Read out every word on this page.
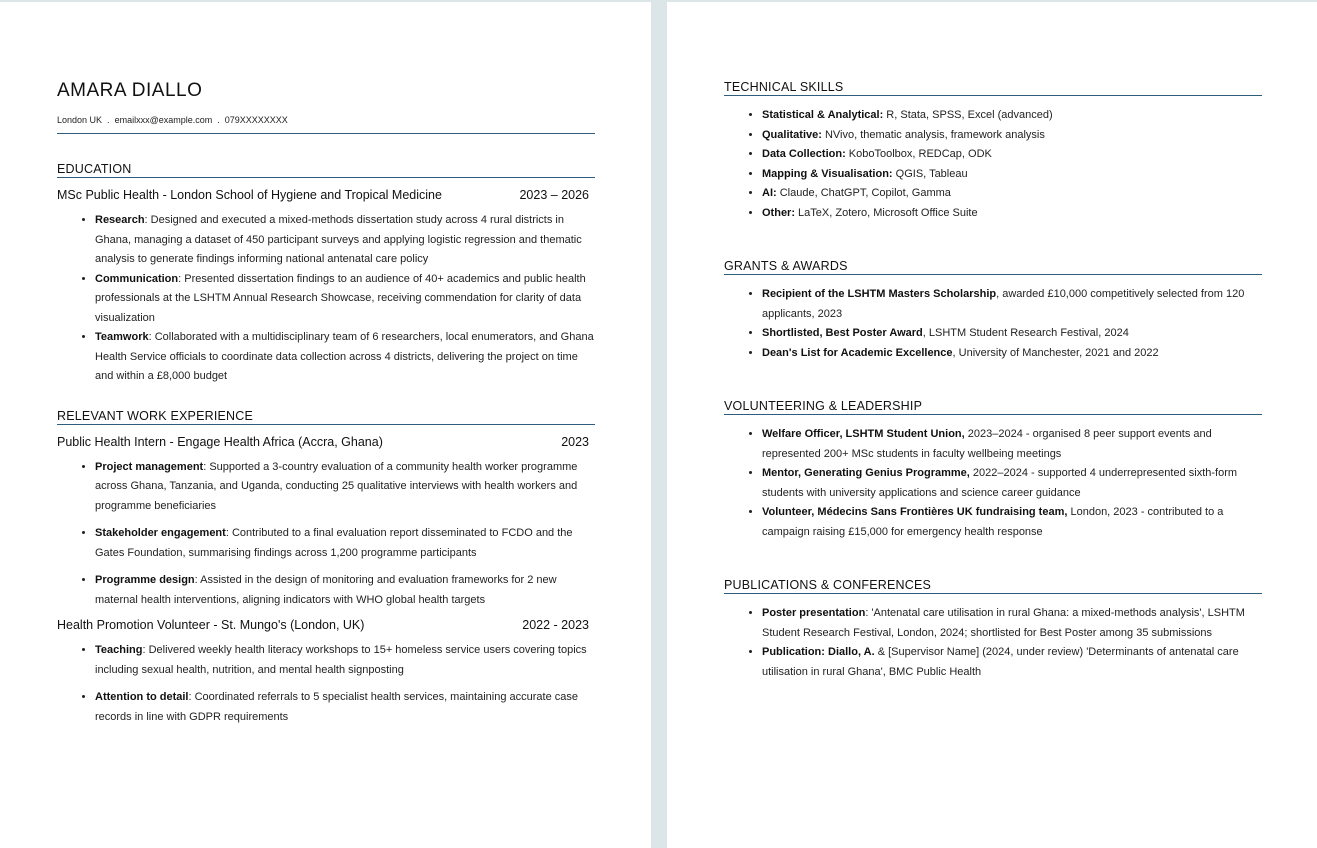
AMARA DIALLO
London UK . emailxxx@example.com . 079XXXXXXXX
EDUCATION
MSc Public Health - London School of Hygiene and Tropical Medicine	2023 – 2026
• Research: Designed and executed a mixed-methods dissertation study across 4 rural districts in Ghana, managing a dataset of 450 participant surveys and applying logistic regression and thematic analysis to generate findings informing national antenatal care policy
• Communication: Presented dissertation findings to an audience of 40+ academics and public health professionals at the LSHTM Annual Research Showcase, receiving commendation for clarity of data visualization
• Teamwork: Collaborated with a multidisciplinary team of 6 researchers, local enumerators, and Ghana Health Service officials to coordinate data collection across 4 districts, delivering the project on time and within a £8,000 budget
RELEVANT WORK EXPERIENCE
Public Health Intern - Engage Health Africa (Accra, Ghana)	2023
• Project management: Supported a 3-country evaluation of a community health worker programme across Ghana, Tanzania, and Uganda, conducting 25 qualitative interviews with health workers and programme beneficiaries
• Stakeholder engagement: Contributed to a final evaluation report disseminated to FCDO and the Gates Foundation, summarising findings across 1,200 programme participants
• Programme design: Assisted in the design of monitoring and evaluation frameworks for 2 new maternal health interventions, aligning indicators with WHO global health targets
Health Promotion Volunteer - St. Mungo's (London, UK)	2022 - 2023
• Teaching: Delivered weekly health literacy workshops to 15+ homeless service users covering topics including sexual health, nutrition, and mental health signposting
• Attention to detail: Coordinated referrals to 5 specialist health services, maintaining accurate case records in line with GDPR requirements
TECHNICAL SKILLS
• Statistical & Analytical: R, Stata, SPSS, Excel (advanced)
• Qualitative: NVivo, thematic analysis, framework analysis
• Data Collection: KoboToolbox, REDCap, ODK
• Mapping & Visualisation: QGIS, Tableau
• AI: Claude, ChatGPT, Copilot, Gamma
• Other: LaTeX, Zotero, Microsoft Office Suite
GRANTS & AWARDS
• Recipient of the LSHTM Masters Scholarship, awarded £10,000 competitively selected from 120 applicants, 2023
• Shortlisted, Best Poster Award, LSHTM Student Research Festival, 2024
• Dean's List for Academic Excellence, University of Manchester, 2021 and 2022
VOLUNTEERING & LEADERSHIP
• Welfare Officer, LSHTM Student Union, 2023–2024 - organised 8 peer support events and represented 200+ MSc students in faculty wellbeing meetings
• Mentor, Generating Genius Programme, 2022–2024 - supported 4 underrepresented sixth-form students with university applications and science career guidance
• Volunteer, Médecins Sans Frontières UK fundraising team, London, 2023 - contributed to a campaign raising £15,000 for emergency health response
PUBLICATIONS & CONFERENCES
• Poster presentation: 'Antenatal care utilisation in rural Ghana: a mixed-methods analysis', LSHTM Student Research Festival, London, 2024; shortlisted for Best Poster among 35 submissions
• Publication: Diallo, A. & [Supervisor Name] (2024, under review) 'Determinants of antenatal care utilisation in rural Ghana', BMC Public Health
